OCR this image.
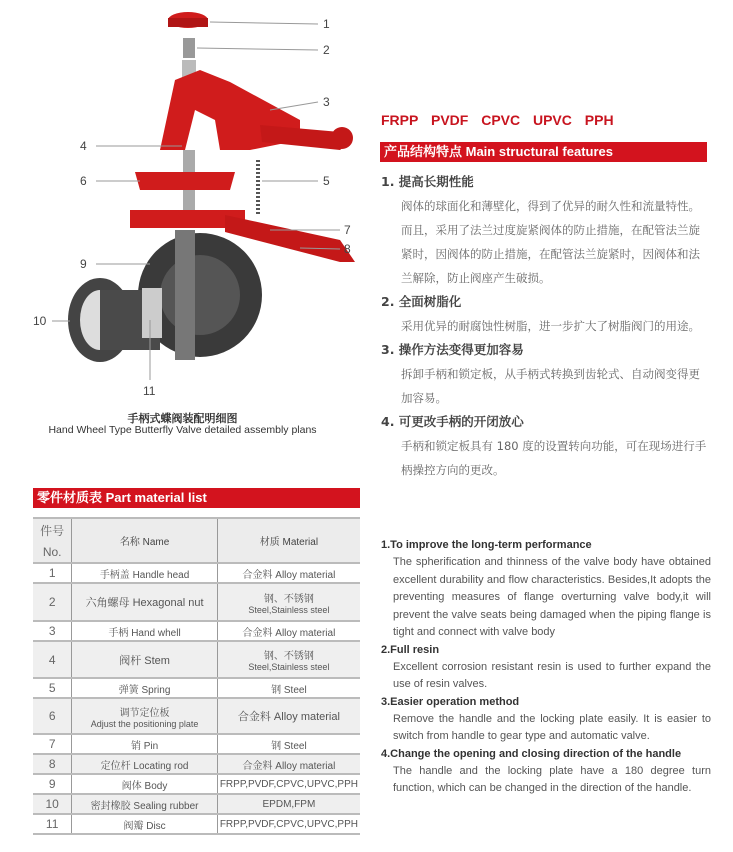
1
2
3
4
5
6
7
8
9
10
11
手柄式蝶阀装配明细图
Hand Wheel Type Butterfly Valve detailed assembly plans
零件材质表 Part material list
件号
No.	名称 Name	材质 Material

1	手柄盖 Handle head	合金料 Alloy material

2	六角螺母 Hexagonal nut	钢、不锈钢
Steel,Stainless steel

3	手柄 Hand whell	合金料 Alloy material

4	阀杆 Stem	钢、不锈钢
Steel,Stainless steel

5	弹簧 Spring	钢 Steel

6	调节定位板
Adjust the positioning plate	合金料 Alloy material

7	销 Pin	钢 Steel

8	定位杆 Locating rod	合金料 Alloy material

9	阀体 Body	FRPP,PVDF,CPVC,UPVC,PPH

10	密封橡胶 Sealing rubber	EPDM,FPM

11	阀瓣 Disc	FRPP,PVDF,CPVC,UPVC,PPH
FRPP PVDF CPVC UPVC PPH
产品结构特点 Main structural features
1. 提高长期性能

阀体的球面化和薄壁化，得到了优异的耐久性和流量特性。而且，采用了法兰过度旋紧阀体的防止措施，在配管法兰旋紧时，因阀体的防止措施，在配管法兰旋紧时，因阀体和法兰解除，防止阀座产生破损。

2. 全面树脂化

采用优异的耐腐蚀性树脂，进一步扩大了树脂阀门的用途。

3. 操作方法变得更加容易

拆卸手柄和锁定板，从手柄式转换到齿轮式、自动阀变得更加容易。

4. 可更改手柄的开闭放心

手柄和锁定板具有 180 度的设置转向功能，可在现场进行手柄操控方向的更改。

1.To improve the long-term performance

The spherification and thinness of the valve body have obtained excellent durability and flow characteristics. Besides,It adopts the preventing measures of flange overturning valve body,it will prevent the valve seats being damaged when the piping flange is tight and connect with valve body

2.Full resin

Excellent corrosion resistant resin is used to further expand the use of resin valves.

3.Easier operation method

Remove the handle and the locking plate easily. It is easier to switch from handle to gear type and automatic valve.

4.Change the opening and closing direction of the handle

The handle and the locking plate have a 180 degree turn function, which can be changed in the direction of the handle.
